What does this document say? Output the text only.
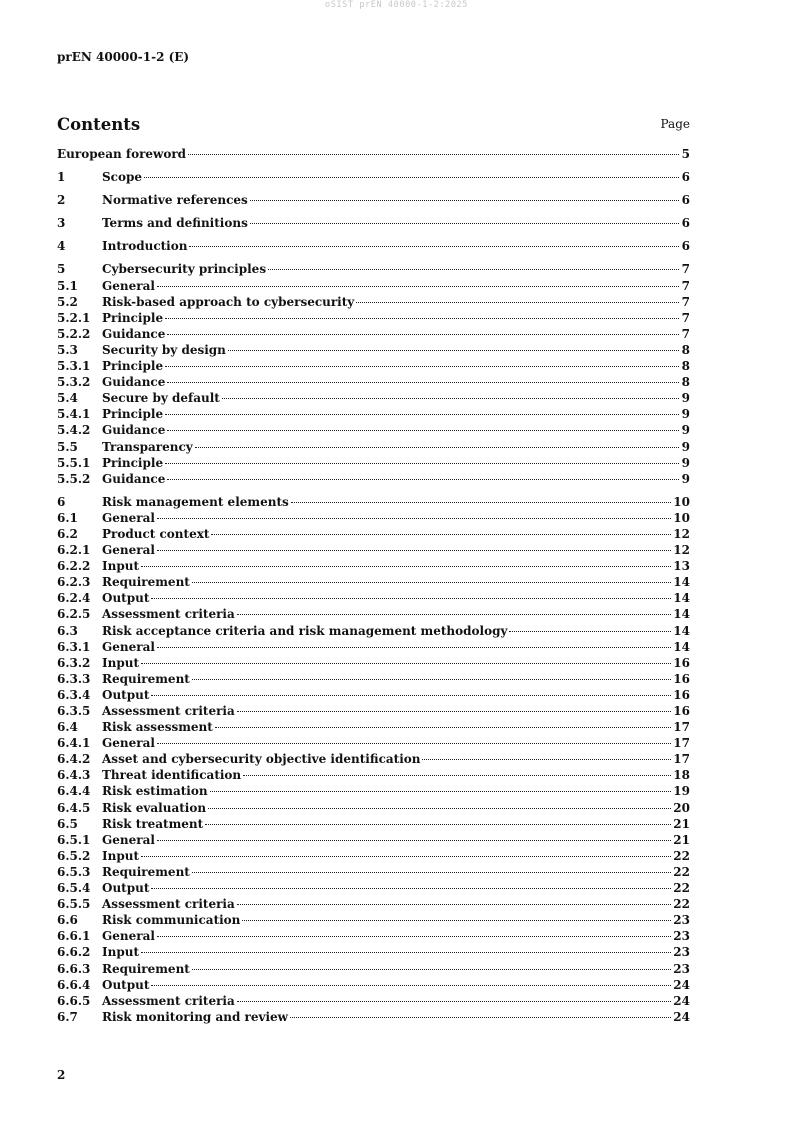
oSIST prEN 40000-1-2:2025
prEN 40000-1-2 (E)
Contents	Page
European foreword	5
1	Scope	6
2	Normative references	6
3	Terms and definitions	6
4	Introduction	6
5	Cybersecurity principles	7
5.1	General	7
5.2	Risk-based approach to cybersecurity	7
5.2.1 Principle	7
5.2.2 Guidance	7
5.3	Security by design	8
5.3.1 Principle	8
5.3.2 Guidance	8
5.4	Secure by default	9
5.4.1 Principle	9
5.4.2 Guidance	9
5.5	Transparency	9
5.5.1 Principle	9
5.5.2 Guidance	9
6	Risk management elements	10
6.1	General	10
6.2	Product context	12
6.2.1 General	12
6.2.2 Input	13
6.2.3 Requirement	14
6.2.4 Output	14
6.2.5 Assessment criteria	14
6.3	Risk acceptance criteria and risk management methodology	14
6.3.1 General	14
6.3.2 Input	16
6.3.3 Requirement	16
6.3.4 Output	16
6.3.5 Assessment criteria	16
6.4	Risk assessment	17
6.4.1 General	17
6.4.2 Asset and cybersecurity objective identification	17
6.4.3 Threat identification	18
6.4.4 Risk estimation	19
6.4.5 Risk evaluation	20
6.5	Risk treatment	21
6.5.1 General	21
6.5.2 Input	22
6.5.3 Requirement	22
6.5.4 Output	22
6.5.5 Assessment criteria	22
6.6	Risk communication	23
6.6.1 General	23
6.6.2 Input	23
6.6.3 Requirement	23
6.6.4 Output	24
6.6.5 Assessment criteria	24
6.7	Risk monitoring and review	24
2
